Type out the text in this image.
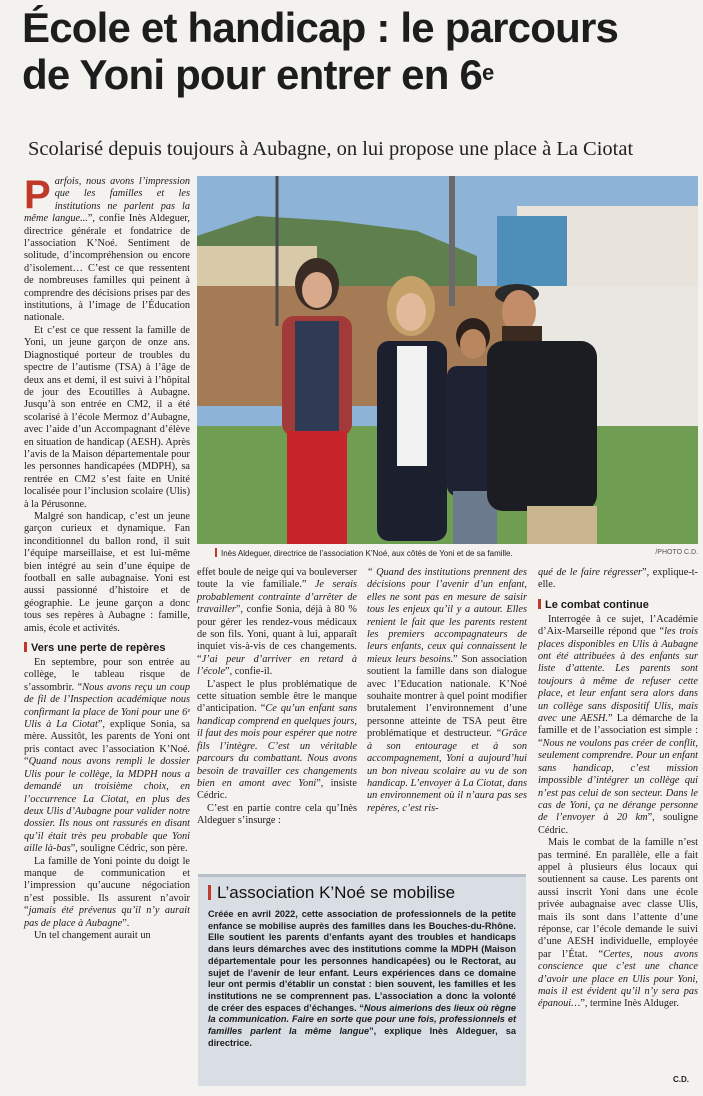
École et handicap : le parcours
de Yoni pour entrer en 6e
Scolarisé depuis toujours à Aubagne, on lui propose une place à La Ciotat

Parfois, nous avons l’impression que les familles et les institutions ne parlent pas la même langue...”, confie Inès Aldeguer, directrice générale et fondatrice de l’association K’Noé. Sentiment de solitude, d’incompréhension ou encore d’isolement… C’est ce que ressentent de nombreuses familles qui peinent à comprendre des décisions prises par des institutions, à l’image de l’Éducation nationale.

Et c’est ce que ressent la famille de Yoni, un jeune garçon de onze ans. Diagnostiqué porteur de troubles du spectre de l’autisme (TSA) à l’âge de deux ans et demi, il est suivi à l’hôpital de jour des Ecoutilles à Aubagne. Jusqu’à son entrée en CM2, il a été scolarisé à l’école Mermoz d’Aubagne, avec l’aide d’un Accompagnant d’élève en situation de handicap (AESH). Après l’avis de la Maison départementale pour les personnes handicapées (MDPH), sa rentrée en CM2 s’est faite en Unité localisée pour l’inclusion scolaire (Ulis) à la Pérusonne.

Malgré son handicap, c’est un jeune garçon curieux et dynamique. Fan inconditionnel du ballon rond, il suit l’équipe marseillaise, et est lui-même bien intégré au sein d’une équipe de football en salle aubagnaise. Yoni est aussi passionné d’histoire et de géographie. Le jeune garçon a donc tous ses repères à Aubagne : famille, amis, école et activités.

Vers une perte de repères

En septembre, pour son entrée au collège, le tableau risque de s’assombrir. “Nous avons reçu un coup de fil de l’Inspection académique nous confirmant la place de Yoni pour une 6ᵉ Ulis à La Ciotat”, explique Sonia, sa mère. Aussitôt, les parents de Yoni ont pris contact avec l’association K’Noé. “Quand nous avons rempli le dossier Ulis pour le collège, la MDPH nous a demandé un troisième choix, en l’occurrence La Ciotat, en plus des deux Ulis d’Aubagne pour valider notre dossier. Ils nous ont rassurés en disant qu’il était très peu probable que Yoni aille là-bas”, souligne Cédric, son père.

La famille de Yoni pointe du doigt le manque de communication et l’impression qu’aucune négociation n’est possible. Ils assurent n’avoir “jamais été prévenus qu’il n’y aurait pas de place à Aubagne”.

Un tel changement aurait un

Inès Aldeguer, directrice de l’association K’Noé, aux côtés de Yoni et de sa famille.	/PHOTO C.D.

effet boule de neige qui va bouleverser toute la vie familiale.” Je serais probablement contrainte d’arrêter de travailler”, confie Sonia, déjà à 80 % pour gérer les rendez-vous médicaux de son fils. Yoni, quant à lui, apparaît inquiet vis-à-vis de ces changements. “J’ai peur d’arriver en retard à l’école”, confie-il.

L’aspect le plus problématique de cette situation semble être le manque d’anticipation. “Ce qu’un enfant sans handicap comprend en quelques jours, il faut des mois pour espérer que notre fils l’intègre. C’est un véritable parcours du combattant. Nous avons besoin de travailler ces changements bien en amont avec Yoni”, insiste Cédric.

C’est en partie contre cela qu’Inès Aldeguer s’insurge :

“ Quand des institutions prennent des décisions pour l’avenir d’un enfant, elles ne sont pas en mesure de saisir tous les enjeux qu’il y a autour. Elles renient le fait que les parents restent les premiers accompagnateurs de leurs enfants, ceux qui connaissent le mieux leurs besoins.” Son association soutient la famille dans son dialogue avec l’Education nationale. K’Noé souhaite montrer à quel point modifier brutalement l’environnement d’une personne atteinte de TSA peut être problématique et destructeur. “Grâce à son entourage et à son accompagnement, Yoni a aujourd’hui un bon niveau scolaire au vu de son handicap. L’envoyer à La Ciotat, dans un environnement où il n’aura pas ses repères, c’est ris-

qué de le faire régresser”, explique-t-elle.

Le combat continue

Interrogée à ce sujet, l’Académie d’Aix-Marseille répond que “les trois places disponibles en Ulis à Aubagne ont été attribuées à des enfants sur liste d’attente. Les parents sont toujours à même de refuser cette place, et leur enfant sera alors dans un collège sans dispositif Ulis, mais avec une AESH.” La démarche de la famille et de l’association est simple : “Nous ne voulons pas créer de conflit, seulement comprendre. Pour un enfant sans handicap, c’est mission impossible d’intégrer un collège qui n’est pas celui de son secteur. Dans le cas de Yoni, ça ne dérange personne de l’envoyer à 20 km”, souligne Cédric.

Mais le combat de la famille n’est pas terminé. En parallèle, elle a fait appel à plusieurs élus locaux qui soutiennent sa cause. Les parents ont aussi inscrit Yoni dans une école privée aubagnaise avec classe Ulis, mais ils sont dans l’attente d’une réponse, car l’école demande le suivi d’une AESH individuelle, employée par l’État. “Certes, nous avons conscience que c’est une chance d’avoir une place en Ulis pour Yoni, mais il est évident qu’il n’y sera pas épanoui…”, termine Inès Alduger.

L’association K’Noé se mobilise
Créée en avril 2022, cette association de professionnels de la petite enfance se mobilise auprès des familles dans les Bouches-du-Rhône. Elle soutient les parents d’enfants ayant des troubles et handicaps dans leurs démarches avec des institutions comme la MDPH (Maison départementale pour les personnes handicapées) ou le Rectorat, au sujet de l’avenir de leur enfant. Leurs expériences dans ce domaine leur ont permis d’établir un constat : bien souvent, les familles et les institutions ne se comprennent pas. L’association a donc la volonté de créer des espaces d’échanges. “Nous aimerions des lieux où règne la communication. Faire en sorte que pour une fois, professionnels et familles parlent la même langue”, explique Inès Aldeguer, sa directrice.
C.D.
